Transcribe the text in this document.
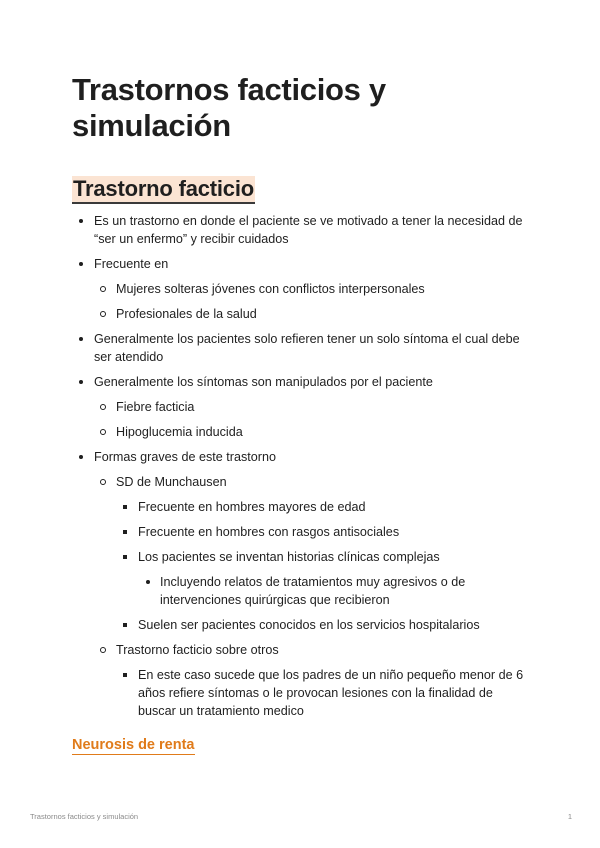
Trastornos facticios y simulación
Trastorno facticio
Es un trastorno en donde el paciente se ve motivado a tener la necesidad de “ser un enfermo” y recibir cuidados
Frecuente en
Mujeres solteras jóvenes con conflictos interpersonales
Profesionales de la salud
Generalmente los pacientes solo refieren tener un solo síntoma el cual debe ser atendido
Generalmente los síntomas son manipulados por el paciente
Fiebre facticia
Hipoglucemia inducida
Formas graves de este trastorno
SD de Munchausen
Frecuente en hombres mayores de edad
Frecuente en hombres con rasgos antisociales
Los pacientes se inventan historias clínicas complejas
Incluyendo relatos de tratamientos muy agresivos o de intervenciones quirúrgicas que recibieron
Suelen ser pacientes conocidos en los servicios hospitalarios
Trastorno facticio sobre otros
En este caso sucede que los padres de un niño pequeño menor de 6 años refiere síntomas o le provocan lesiones con la finalidad de buscar un tratamiento medico
Neurosis de renta
Trastornos facticios y simulación	1
